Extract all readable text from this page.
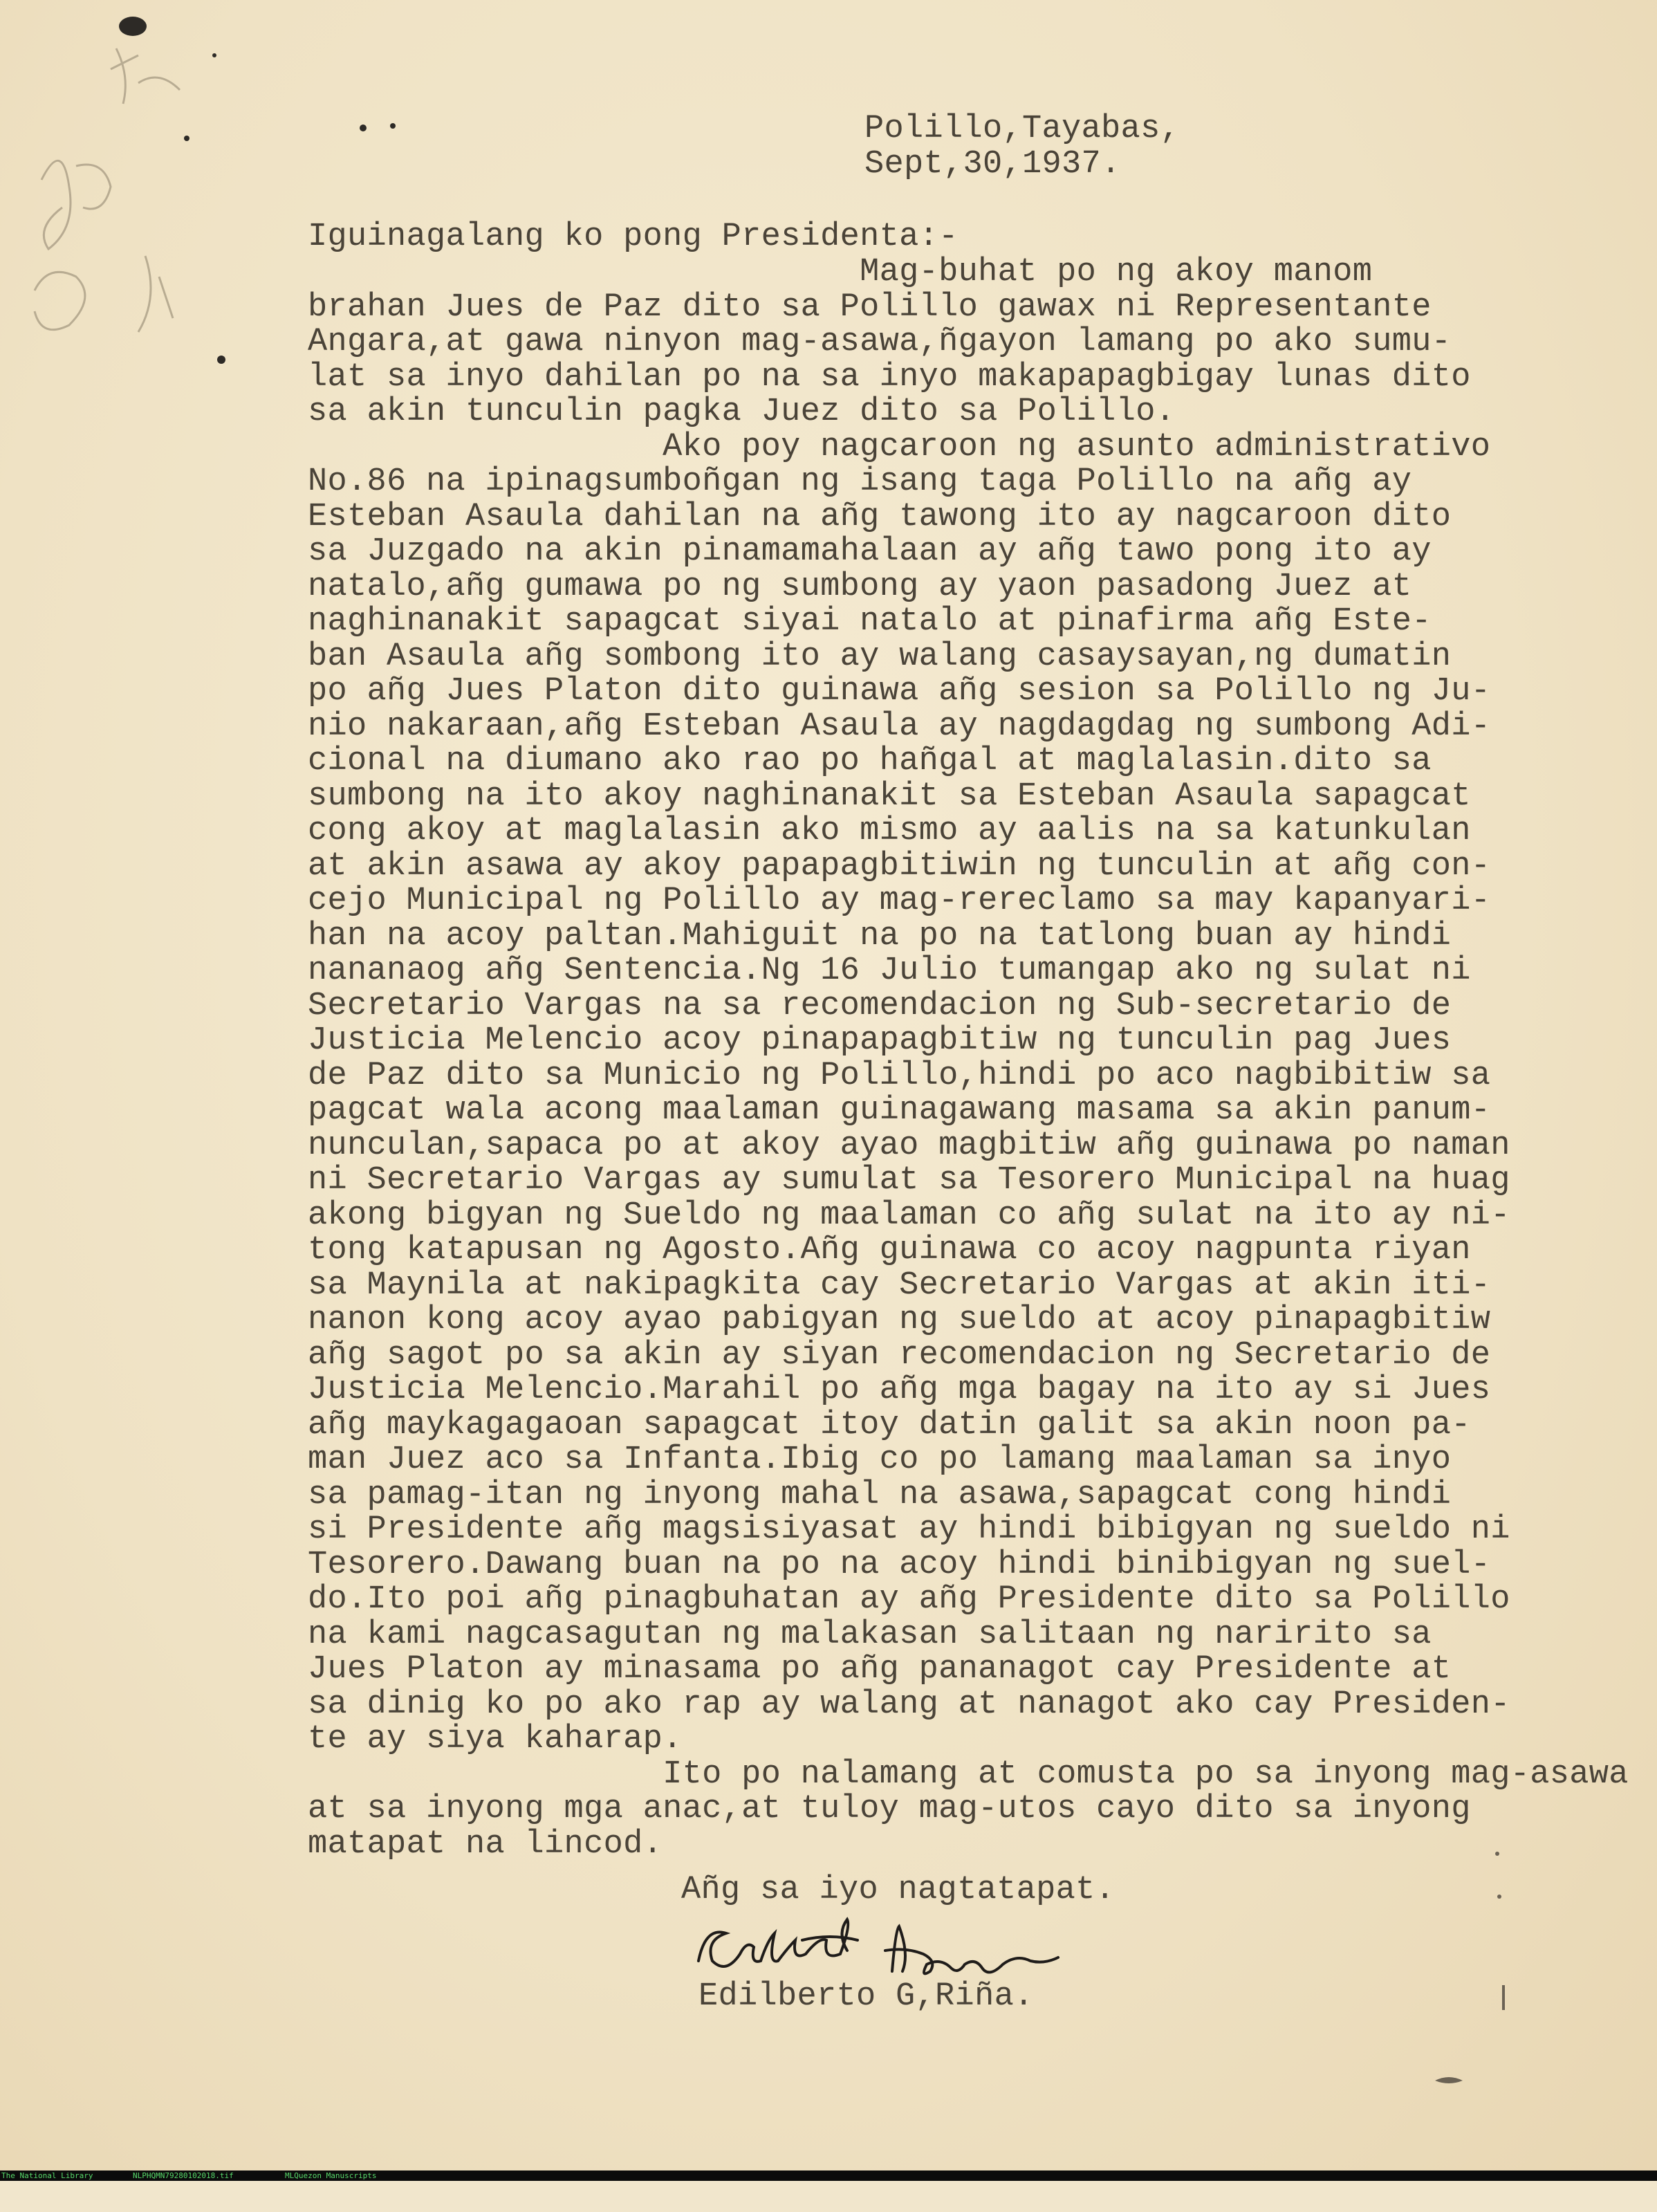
Polillo,Tayabas,
Sept,30,1937.
Iguinagalang ko pong Presidenta:-
Mag-buhat po ng akoy manom
brahan Jues de Paz dito sa Polillo gawax ni Representante
Angara,at gawa ninyon mag-asawa,ñgayon lamang po ako sumu-
lat sa inyo dahilan po na sa inyo makapapagbigay lunas dito
sa akin tunculin pagka Juez dito sa Polillo.
Ako poy nagcaroon ng asunto administrativo
No.86 na ipinagsumboñgan ng isang taga Polillo na añg ay
Esteban Asaula dahilan na añg tawong ito ay nagcaroon dito
sa Juzgado na akin pinamamahalaan ay añg tawo pong ito ay
natalo,añg gumawa po ng sumbong ay yaon pasadong Juez at
naghinanakit sapagcat siyai natalo at pinafirma añg Este-
ban Asaula añg sombong ito ay walang casaysayan,ng dumatin
po añg Jues Platon dito guinawa añg sesion sa Polillo ng Ju-
nio nakaraan,añg Esteban Asaula ay nagdagdag ng sumbong Adi-
cional na diumano ako rao po hañgal at maglalasin.dito sa
sumbong na ito akoy naghinanakit sa Esteban Asaula sapagcat
cong akoy at maglalasin ako mismo ay aalis na sa katunkulan
at akin asawa ay akoy papapagbitiwin ng tunculin at añg con-
cejo Municipal ng Polillo ay mag-rereclamo sa may kapanyari-
han na acoy paltan.Mahiguit na po na tatlong buan ay hindi
nananaog añg Sentencia.Ng 16 Julio tumangap ako ng sulat ni
Secretario Vargas na sa recomendacion ng Sub-secretario de
Justicia Melencio acoy pinapapagbitiw ng tunculin pag Jues
de Paz dito sa Municio ng Polillo,hindi po aco nagbibitiw sa
pagcat wala acong maalaman guinagawang masama sa akin panum-
nunculan,sapaca po at akoy ayao magbitiw añg guinawa po naman
ni Secretario Vargas ay sumulat sa Tesorero Municipal na huag
akong bigyan ng Sueldo ng maalaman co añg sulat na ito ay ni-
tong katapusan ng Agosto.Añg guinawa co acoy nagpunta riyan
sa Maynila at nakipagkita cay Secretario Vargas at akin iti-
nanon kong acoy ayao pabigyan ng sueldo at acoy pinapagbitiw
añg sagot po sa akin ay siyan recomendacion ng Secretario de
Justicia Melencio.Marahil po añg mga bagay na ito ay si Jues
añg maykagagaoan sapagcat itoy datin galit sa akin noon pa-
man Juez aco sa Infanta.Ibig co po lamang maalaman sa inyo
sa pamag-itan ng inyong mahal na asawa,sapagcat cong hindi
si Presidente añg magsisiyasat ay hindi bibigyan ng sueldo ni
Tesorero.Dawang buan na po na acoy hindi binibigyan ng suel-
do.Ito poi añg pinagbuhatan ay añg Presidente dito sa Polillo
na kami nagcasagutan ng malakasan salitaan ng naririto sa
Jues Platon ay minasama po añg pananagot cay Presidente at
sa dinig ko po ako rap ay walang at nanagot ako cay Presiden-
te ay siya kaharap.
Ito po nalamang at comusta po sa inyong mag-asawa
at sa inyong mga anac,at tuloy mag-utos cayo dito sa inyong
matapat na lincod.
Añg sa iyo nagtatapat.
Edilberto G,Riña.

The National Library

	NLPHQMN79280102018.tif

	MLQuezon Manuscripts
